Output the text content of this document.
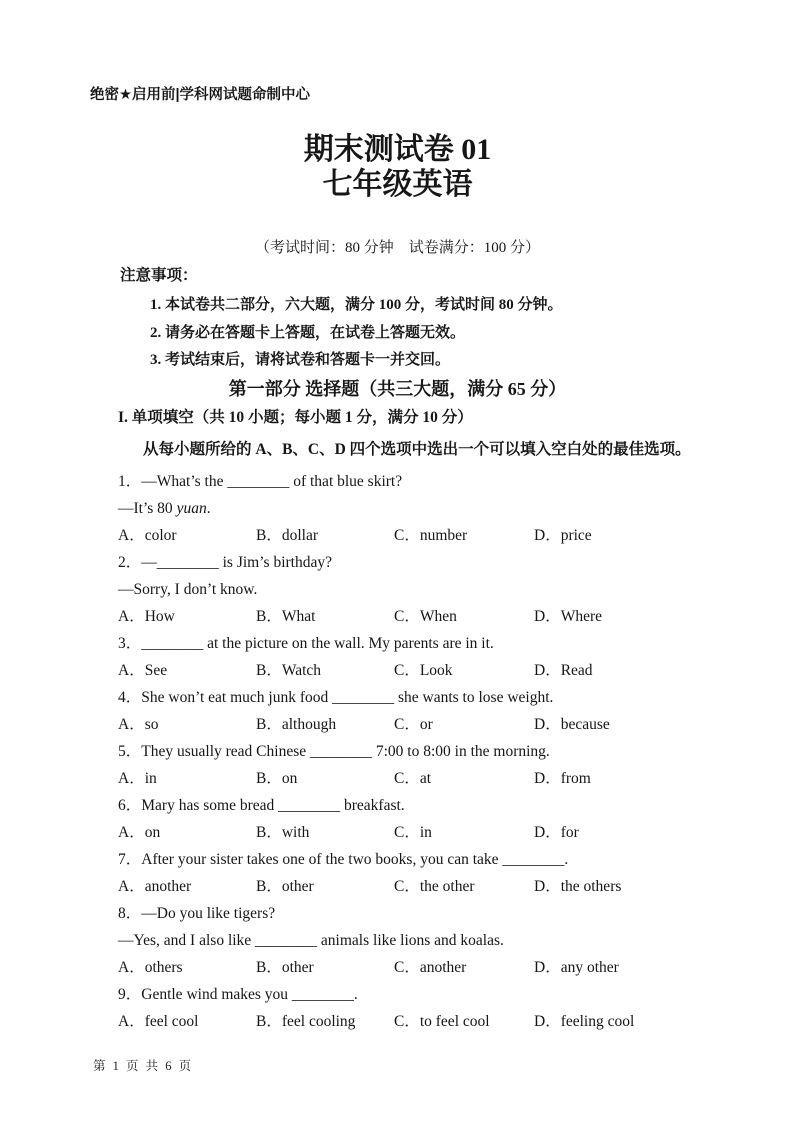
绝密★启用前|学科网试题命制中心
期末测试卷 01
七年级英语
（考试时间：80 分钟　试卷满分：100 分）
注意事项：
1. 本试卷共二部分，六大题，满分 100 分，考试时间 80 分钟。
2. 请务必在答题卡上答题，在试卷上答题无效。
3. 考试结束后，请将试卷和答题卡一并交回。
第一部分 选择题（共三大题，满分 65 分）
I. 单项填空（共 10 小题；每小题 1 分，满分 10 分）
从每小题所给的 A、B、C、D 四个选项中选出一个可以填入空白处的最佳选项。
1．—What’s the ________ of that blue skirt?
—It’s 80 yuan.
A．color	B．dollar	C．number	D．price
2．—________ is Jim’s birthday?
—Sorry, I don’t know.
A．How	B．What	C．When	D．Where
3．________ at the picture on the wall. My parents are in it.
A．See	B．Watch	C．Look	D．Read
4．She won’t eat much junk food ________ she wants to lose weight.
A．so	B．although	C．or	D．because
5．They usually read Chinese ________ 7:00 to 8:00 in the morning.
A．in	B．on	C．at	D．from
6．Mary has some bread ________ breakfast.
A．on	B．with	C．in	D．for
7．After your sister takes one of the two books, you can take ________.
A．another	B．other	C．the other	D．the others
8．—Do you like tigers?
—Yes, and I also like ________ animals like lions and koalas.
A．others	B．other	C．another	D．any other
9．Gentle wind makes you ________.
A．feel cool	B．feel cooling	C．to feel cool	D．feeling cool
第 1 页 共 6 页
